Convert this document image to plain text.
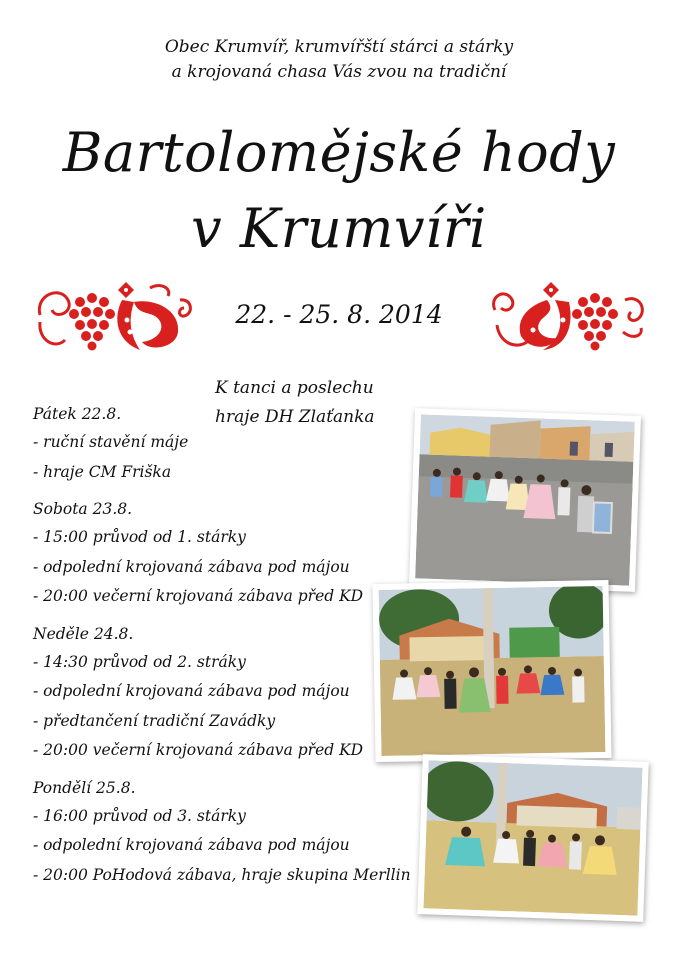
Obec Krumvíř, krumvířští stárci a stárky
a krojovaná chasa Vás zvou na tradiční
Bartolomějské hody
v Krumvíři
22. - 25. 8. 2014
K tanci a poslechu
hraje DH Zlaťanka
Pátek 22.8.
- ruční stavění máje
- hraje CM Friška
Sobota 23.8.
- 15:00 průvod od 1. stárky
- odpolední krojovaná zábava pod májou
- 20:00 večerní krojovaná zábava před KD
Neděle 24.8.
- 14:30 průvod od 2. stráky
- odpolední krojovaná zábava pod májou
- předtančení tradiční Zavádky
- 20:00 večerní krojovaná zábava před KD
Pondělí 25.8.
- 16:00 průvod od 3. stárky
- odpolední krojovaná zábava pod májou
- 20:00 PoHodová zábava, hraje skupina Merllin
